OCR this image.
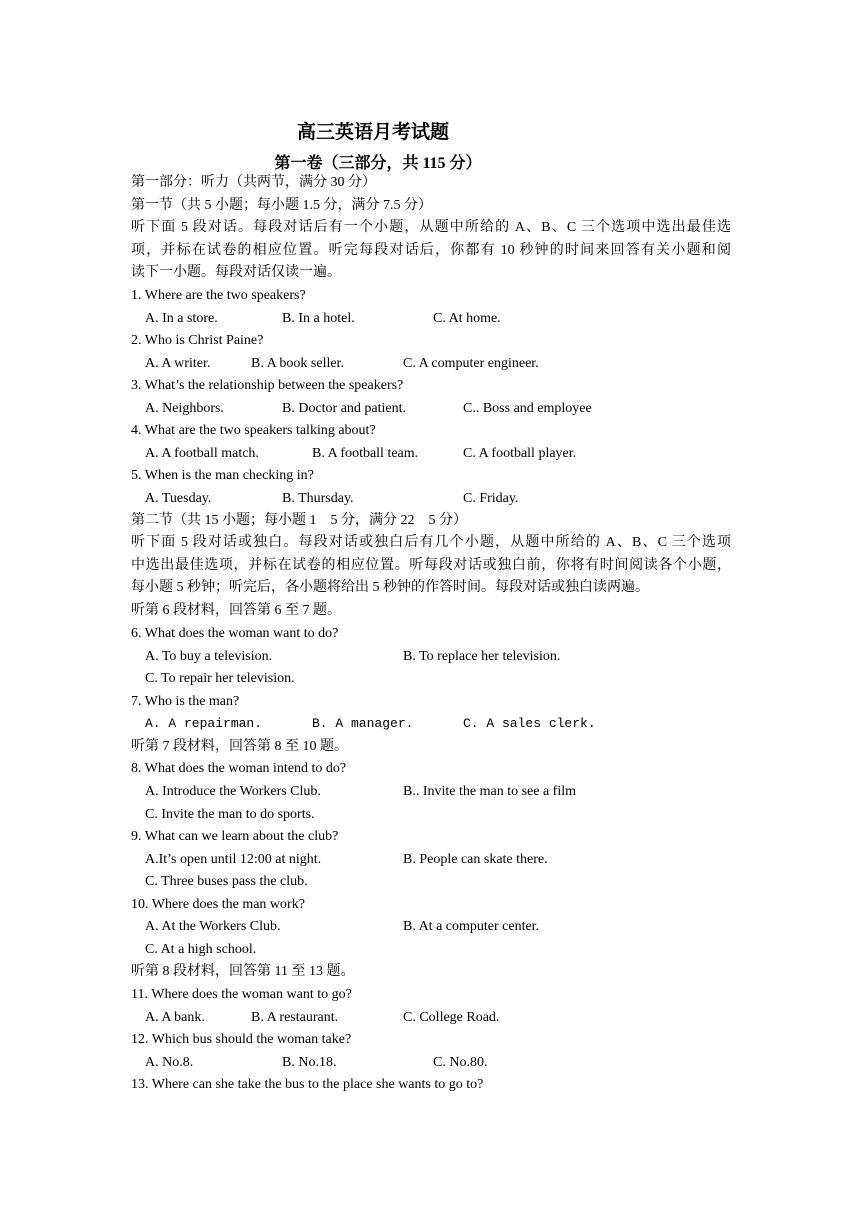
高三英语月考试题
第一卷（三部分，共 115 分）
第一部分：听力（共两节，满分 30 分）
第一节（共 5 小题；每小题 1.5 分，满分 7.5 分）
听下面 5 段对话。每段对话后有一个小题，从题中所给的 A、B、C 三个选项中选出最佳选
项，并标在试卷的相应位置。听完每段对话后，你都有 10 秒钟的时间来回答有关小题和阅
读下一小题。每段对话仅读一遍。
1. Where are the two speakers?
A. In a store.	B. In a hotel.	C. At home.
2. Who is Christ Paine?
A. A writer.	B. A book seller.	C. A computer engineer.
3. What’s the relationship between the speakers?
A. Neighbors.	B. Doctor and patient.	C.. Boss and employee
4. What are the two speakers talking about?
A. A football match.	B. A football team.	C. A football player.
5. When is the man checking in?
A. Tuesday.	B. Thursday.	C. Friday.
第二节（共 15 小题；每小题 1　5 分，满分 22　5 分）
听下面 5 段对话或独白。每段对话或独白后有几个小题，从题中所给的 A、B、C 三个选项
中选出最佳选项，并标在试卷的相应位置。听每段对话或独白前，你将有时间阅读各个小题，
每小题 5 秒钟；听完后，各小题将给出 5 秒钟的作答时间。每段对话或独白读两遍。
听第 6 段材料，回答第 6 至 7 题。
6. What does the woman want to do?
A. To buy a television.	B. To replace her television.
C. To repair her television.
7. Who is the man?
A. A repairman.	B. A manager.	C. A sales clerk.
听第 7 段材料，回答第 8 至 10 题。
8. What does the woman intend to do?
A. Introduce the Workers Club.	B.. Invite the man to see a film
C. Invite the man to do sports.
9. What can we learn about the club?
A.It’s open until 12:00 at night.	B. People can skate there.
C. Three buses pass the club.
10. Where does the man work?
A. At the Workers Club.	B. At a computer center.
C. At a high school.
听第 8 段材料，回答第 11 至 13 题。
11. Where does the woman want to go?
A. A bank.	B. A restaurant.	C. College Road.
12. Which bus should the woman take?
A. No.8.	B. No.18.	C. No.80.
13. Where can she take the bus to the place she wants to go to?
